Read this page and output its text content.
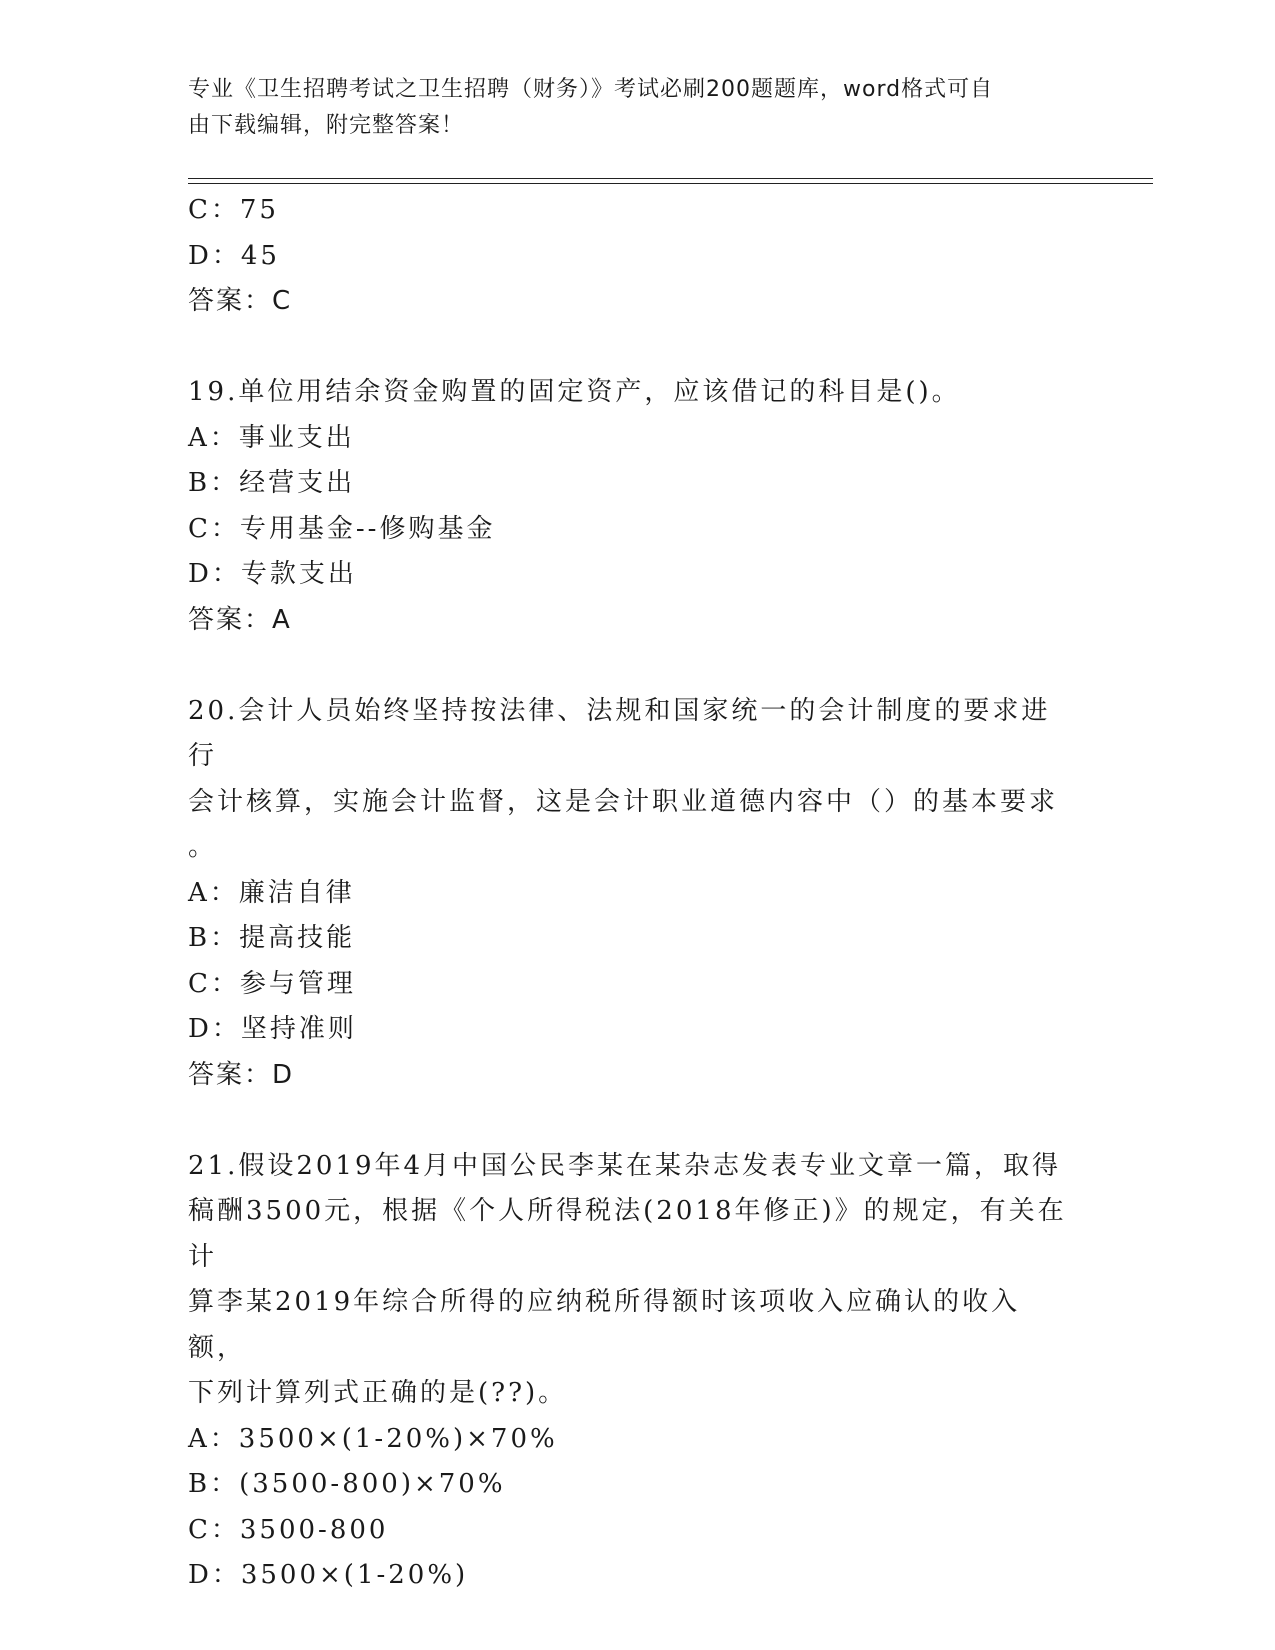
专业《卫生招聘考试之卫生招聘（财务）》考试必刷200题题库，word格式可自
由下载编辑，附完整答案！
C：75
D：45
答案：C
19.单位用结余资金购置的固定资产，应该借记的科目是()。
A：事业支出
B：经营支出
C：专用基金--修购基金
D：专款支出
答案：A
20.会计人员始终坚持按法律、法规和国家统一的会计制度的要求进行
会计核算，实施会计监督，这是会计职业道德内容中（）的基本要求
。
A：廉洁自律
B：提高技能
C：参与管理
D：坚持准则
答案：D
21.假设2019年4月中国公民李某在某杂志发表专业文章一篇，取得
稿酬3500元，根据《个人所得税法(2018年修正)》的规定，有关在计
算李某2019年综合所得的应纳税所得额时该项收入应确认的收入额，
下列计算列式正确的是(??)。
A：3500×(1-20%)×70%
B：(3500-800)×70%
C：3500-800
D：3500×(1-20%)
